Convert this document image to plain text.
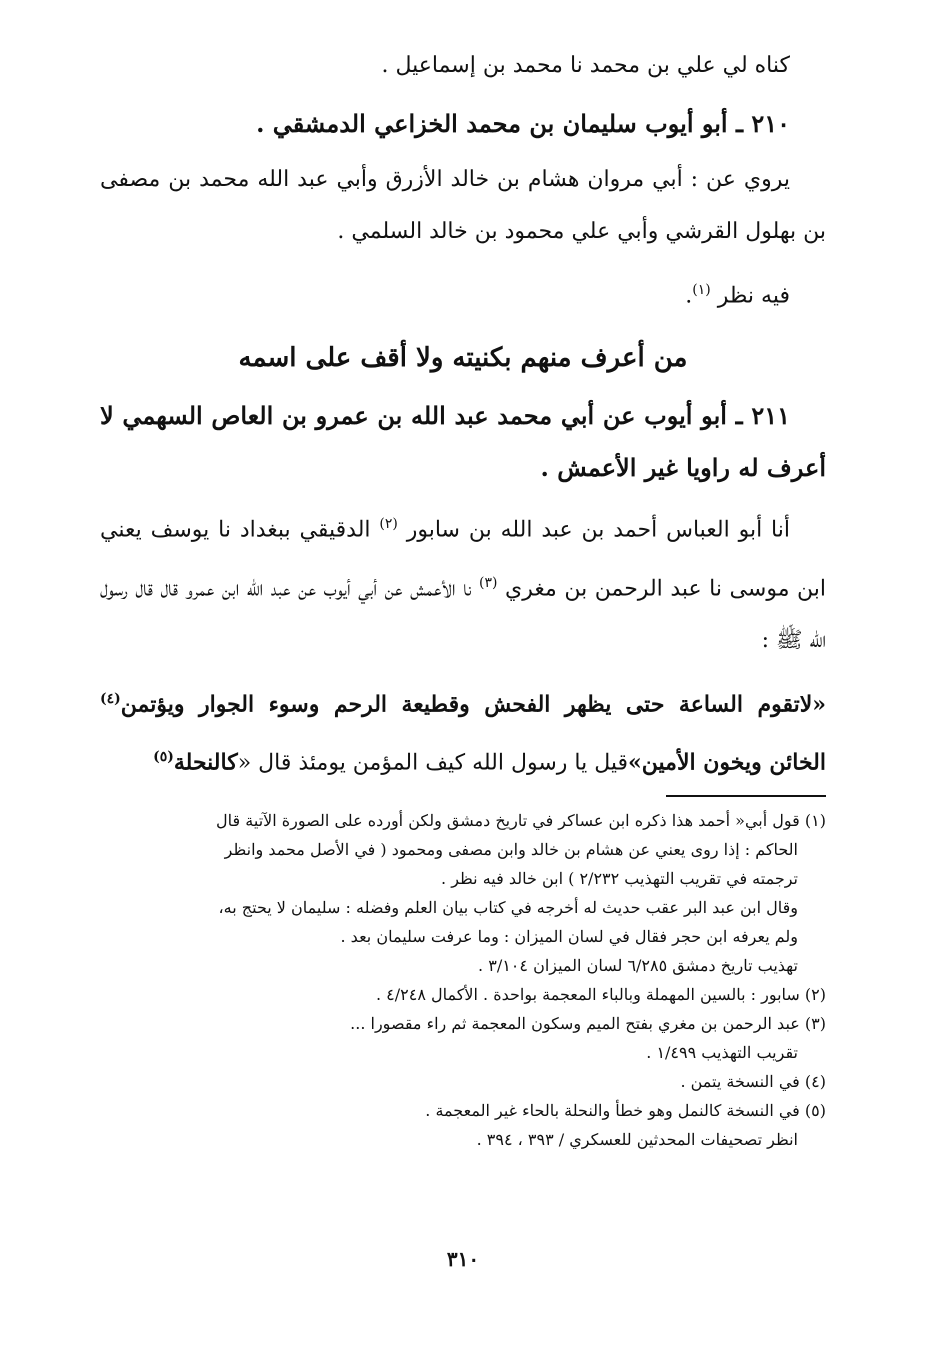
كناه لي علي بن محمد نا محمد بن إسماعيل .

٢١٠ ـ أبو أيوب سليمان بن محمد الخزاعي الدمشقي .

يروي عن : أبي مروان هشام بن خالد الأزرق وأبي عبد الله محمد بن مصفى بن بهلول القرشي وأبي علي محمود بن خالد السلمي .

فيه نظر $^{(١)}$.

من أعرف منهم بكنيته ولا أقف على اسمه

٢١١ ـ أبو أيوب عن أبي محمد عبد الله بن عمرو بن العاص السهمي لا أعرف له راويا غير الأعمش .

أنا أبو العباس أحمد بن عبد الله بن سابور $^{(٢)}$ الدقيقي ببغداد نا يوسف يعني ابن موسى نا عبد الرحمن بن مغري $^{(٣)}$ نا الأعمش عن أبي أيوب عن عبد الله ابن عمرو قال قال رسول الله ﷺ :

«لاتقوم الساعة حتى يظهر الفحش وقطيعة الرحم وسوء الجوار ويؤتمن$^{(٤)}$ الخائن ويخون الأمين»قيل يا رسول الله كيف المؤمن يومئذ قال «كالنحلة$^{(٥)}$

(١) قول أبي« أحمد هذا ذكره ابن عساكر في تاريخ دمشق ولكن أورده على الصورة الآتية قال

الحاكم : إذا روى يعني عن هشام بن خالد وابن مصفى ومحمود ( في الأصل محمد وانظر

ترجمته في تقريب التهذيب ٢/٢٣٢ ) ابن خالد فيه نظر .

وقال ابن عبد البر عقب حديث له أخرجه في كتاب بيان العلم وفضله : سليمان لا يحتج به،

ولم يعرفه ابن حجر فقال في لسان الميزان : وما عرفت سليمان بعد .

تهذيب تاريخ دمشق ٦/٢٨٥ لسان الميزان ٣/١٠٤ .

(٢) سابور : بالسين المهملة وبالباء المعجمة بواحدة . الأكمال ٤/٢٤٨ .

(٣) عبد الرحمن بن مغري بفتح الميم وسكون المعجمة ثم راء مقصورا ...

تقريب التهذيب ١/٤٩٩ .

(٤) في النسخة يتمن .

(٥) في النسخة كالنمل وهو خطأ والنحلة بالحاء غير المعجمة .

انظر تصحيفات المحدثين للعسكري / ٣٩٣ ، ٣٩٤ .

٣١٠
